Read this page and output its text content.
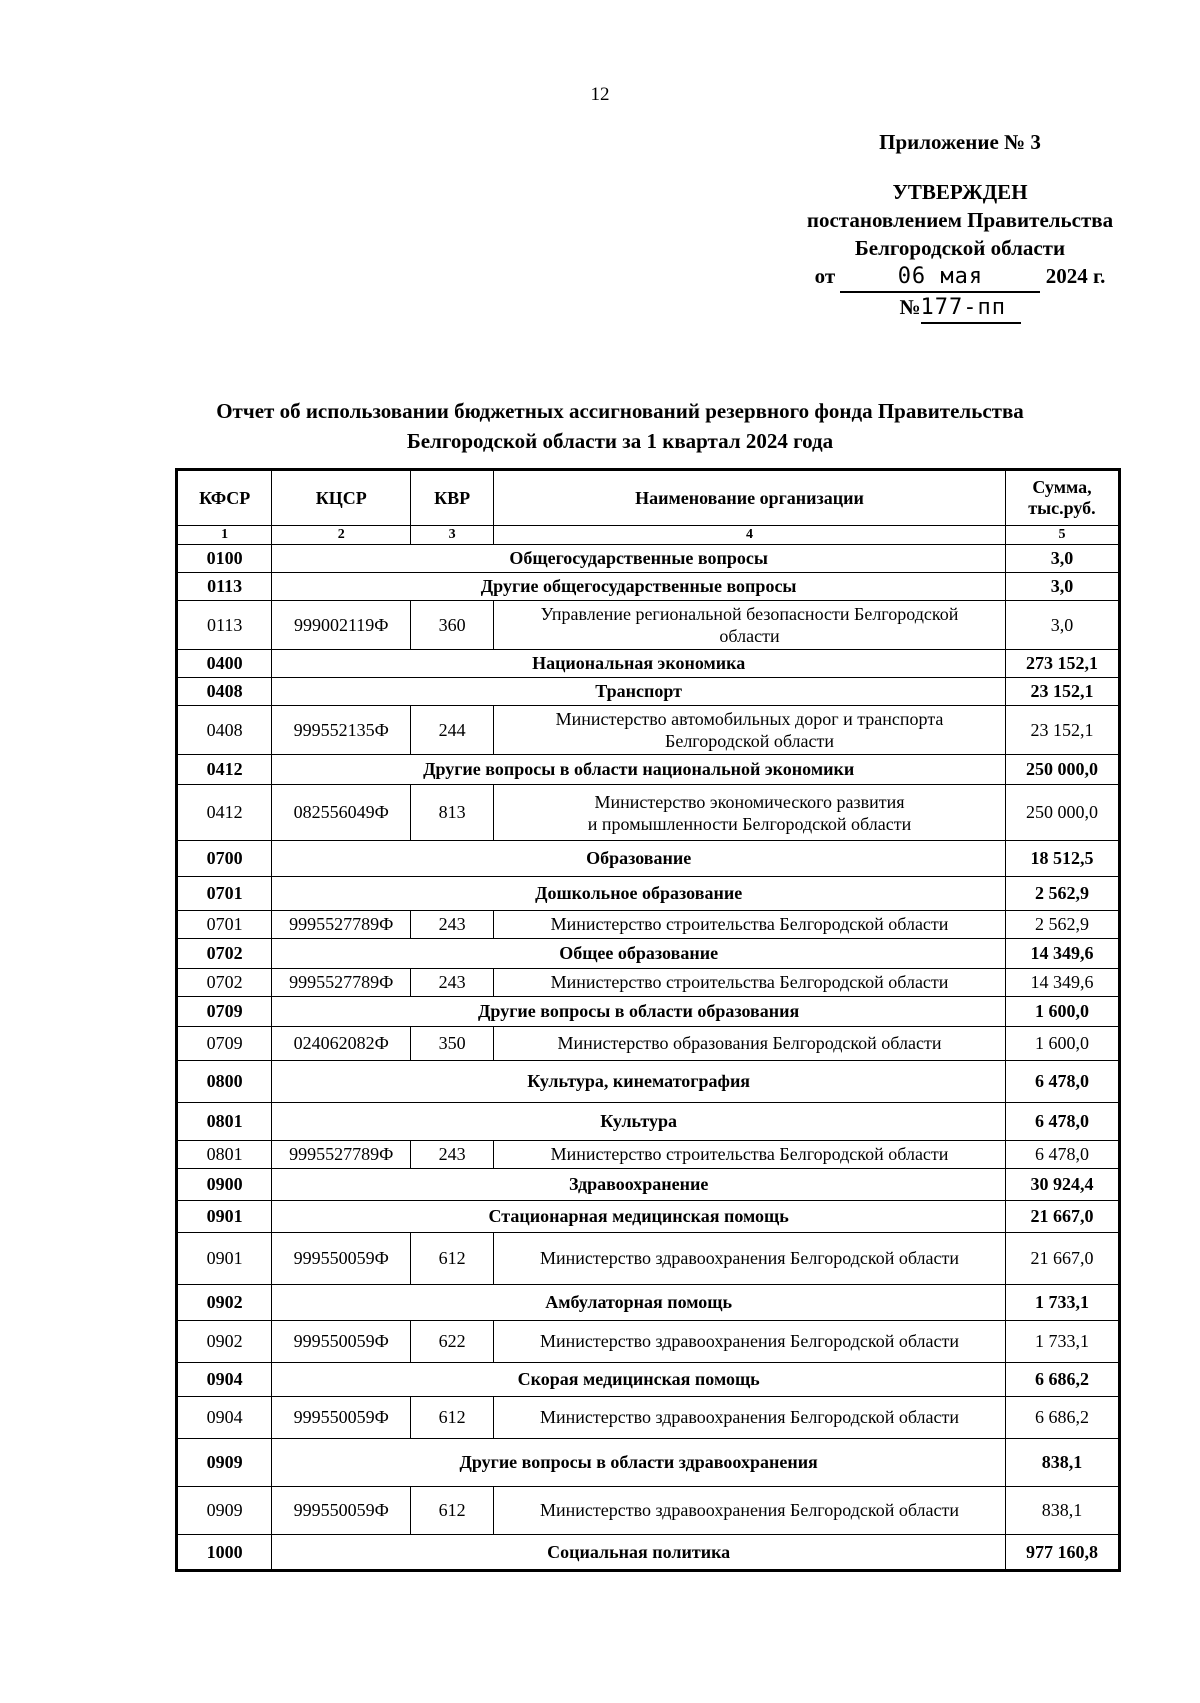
12
Приложение № 3
УТВЕРЖДЕН
постановлением Правительства
Белгородской области
от	06 мая	2024 г.
№177-пп
Отчет об использовании бюджетных ассигнований резервного фонда Правительства
Белгородской области за 1 квартал 2024 года
КФСР	КЦСР	КВР	Наименование организации	Сумма,
тыс.руб.
1	2	3	4	5
0100	Общегосударственные вопросы			3,0
0113	Другие общегосударственные вопросы			3,0
0113	999002119Ф	360	Управление региональной безопасности Белгородской
области	3,0
0400	Национальная экономика			273 152,1
0408	Транспорт			23 152,1
0408	999552135Ф	244	Министерство автомобильных дорог и транспорта
Белгородской области	23 152,1
0412	Другие вопросы в области национальной экономики			250 000,0
0412	082556049Ф	813	Министерство экономического развития
и промышленности Белгородской области	250 000,0
0700	Образование			18 512,5
0701	Дошкольное образование			2 562,9
0701	9995527789Ф	243	Министерство строительства Белгородской области	2 562,9
0702	Общее образование			14 349,6
0702	9995527789Ф	243	Министерство строительства Белгородской области	14 349,6
0709	Другие вопросы в области образования			1 600,0
0709	024062082Ф	350	Министерство образования Белгородской области	1 600,0
0800	Культура, кинематография			6 478,0
0801	Культура			6 478,0
0801	9995527789Ф	243	Министерство строительства Белгородской области	6 478,0
0900	Здравоохранение			30 924,4
0901	Стационарная медицинская помощь			21 667,0
0901	999550059Ф	612	Министерство здравоохранения Белгородской области	21 667,0
0902	Амбулаторная помощь			1 733,1
0902	999550059Ф	622	Министерство здравоохранения Белгородской области	1 733,1
0904	Скорая медицинская помощь			6 686,2
0904	999550059Ф	612	Министерство здравоохранения Белгородской области	6 686,2
0909	Другие вопросы в области здравоохранения			838,1
0909	999550059Ф	612	Министерство здравоохранения Белгородской области	838,1
1000	Социальная политика			977 160,8
